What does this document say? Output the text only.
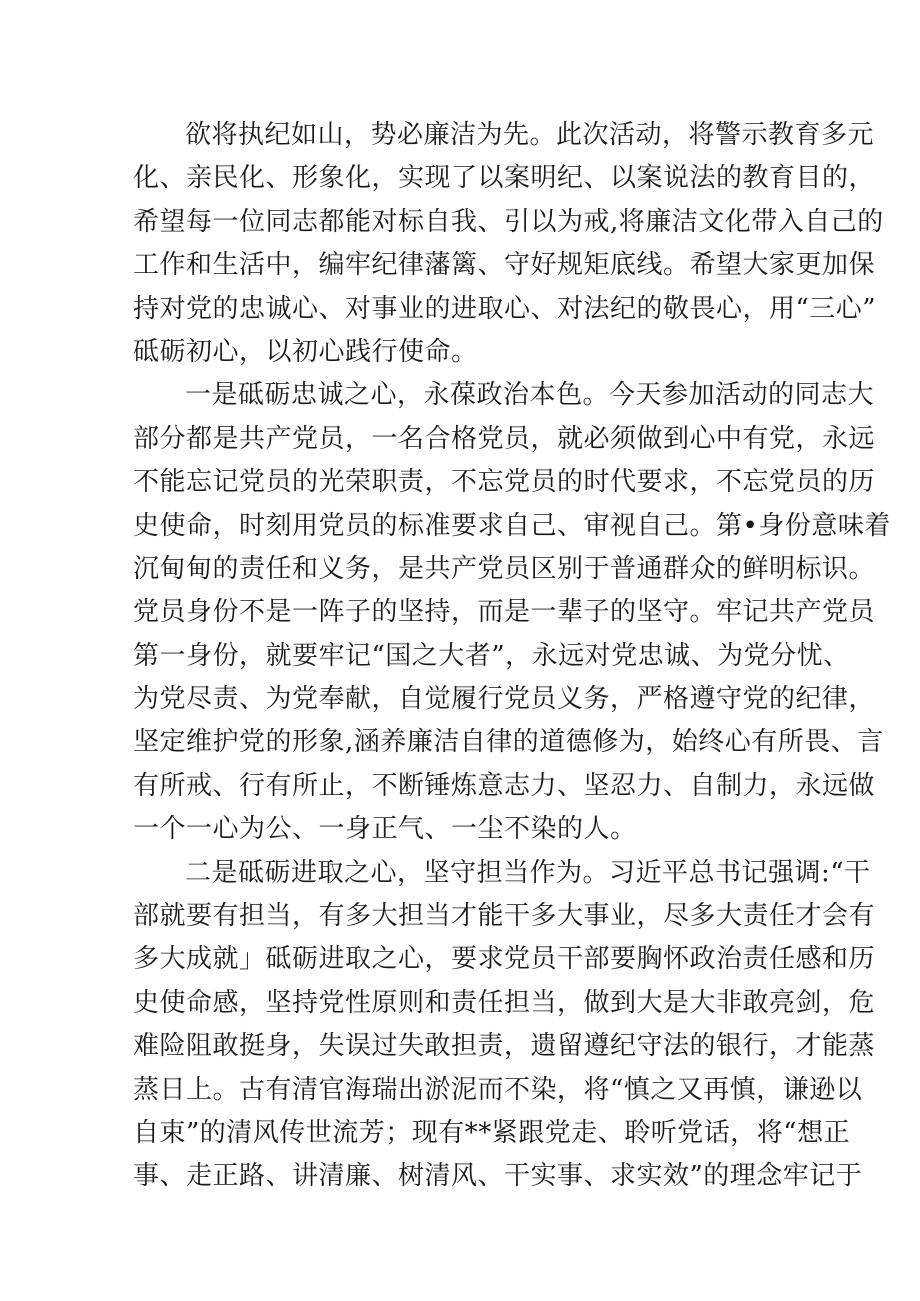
欲将执纪如山，势必廉洁为先。此次活动，将警示教育多元
化、亲民化、形象化，实现了以案明纪、以案说法的教育目的，
希望每一位同志都能对标自我、引以为戒,将廉洁文化带入自己的
工作和生活中，编牢纪律藩篱、守好规矩底线。希望大家更加保
持对党的忠诚心、对事业的进取心、对法纪的敬畏心，用“三心”
砥砺初心，以初心践行使命。
一是砥砺忠诚之心，永葆政治本色。今天参加活动的同志大
部分都是共产党员，一名合格党员，就必须做到心中有党，永远
不能忘记党员的光荣职责，不忘党员的时代要求，不忘党员的历
史使命，时刻用党员的标准要求自己、审视自己。第•身份意味着
沉甸甸的责任和义务，是共产党员区别于普通群众的鲜明标识。
党员身份不是一阵子的坚持，而是一辈子的坚守。牢记共产党员
第一身份，就要牢记“国之大者”，永远对党忠诚、为党分忧、
为党尽责、为党奉献，自觉履行党员义务，严格遵守党的纪律，
坚定维护党的形象,涵养廉洁自律的道德修为，始终心有所畏、言
有所戒、行有所止，不断锤炼意志力、坚忍力、自制力，永远做
一个一心为公、一身正气、一尘不染的人。
二是砥砺进取之心，坚守担当作为。习近平总书记强调:“干
部就要有担当，有多大担当才能干多大事业，尽多大责任才会有
多大成就」砥砺进取之心，要求党员干部要胸怀政治责任感和历
史使命感，坚持党性原则和责任担当，做到大是大非敢亮剑，危
难险阻敢挺身，失误过失敢担责，遗留遵纪守法的银行，才能蒸
蒸日上。古有清官海瑞出淤泥而不染，将“慎之又再慎，谦逊以
自束”的清风传世流芳；现有**紧跟党走、聆听党话，将“想正
事、走正路、讲清廉、树清风、干实事、求实效”的理念牢记于
